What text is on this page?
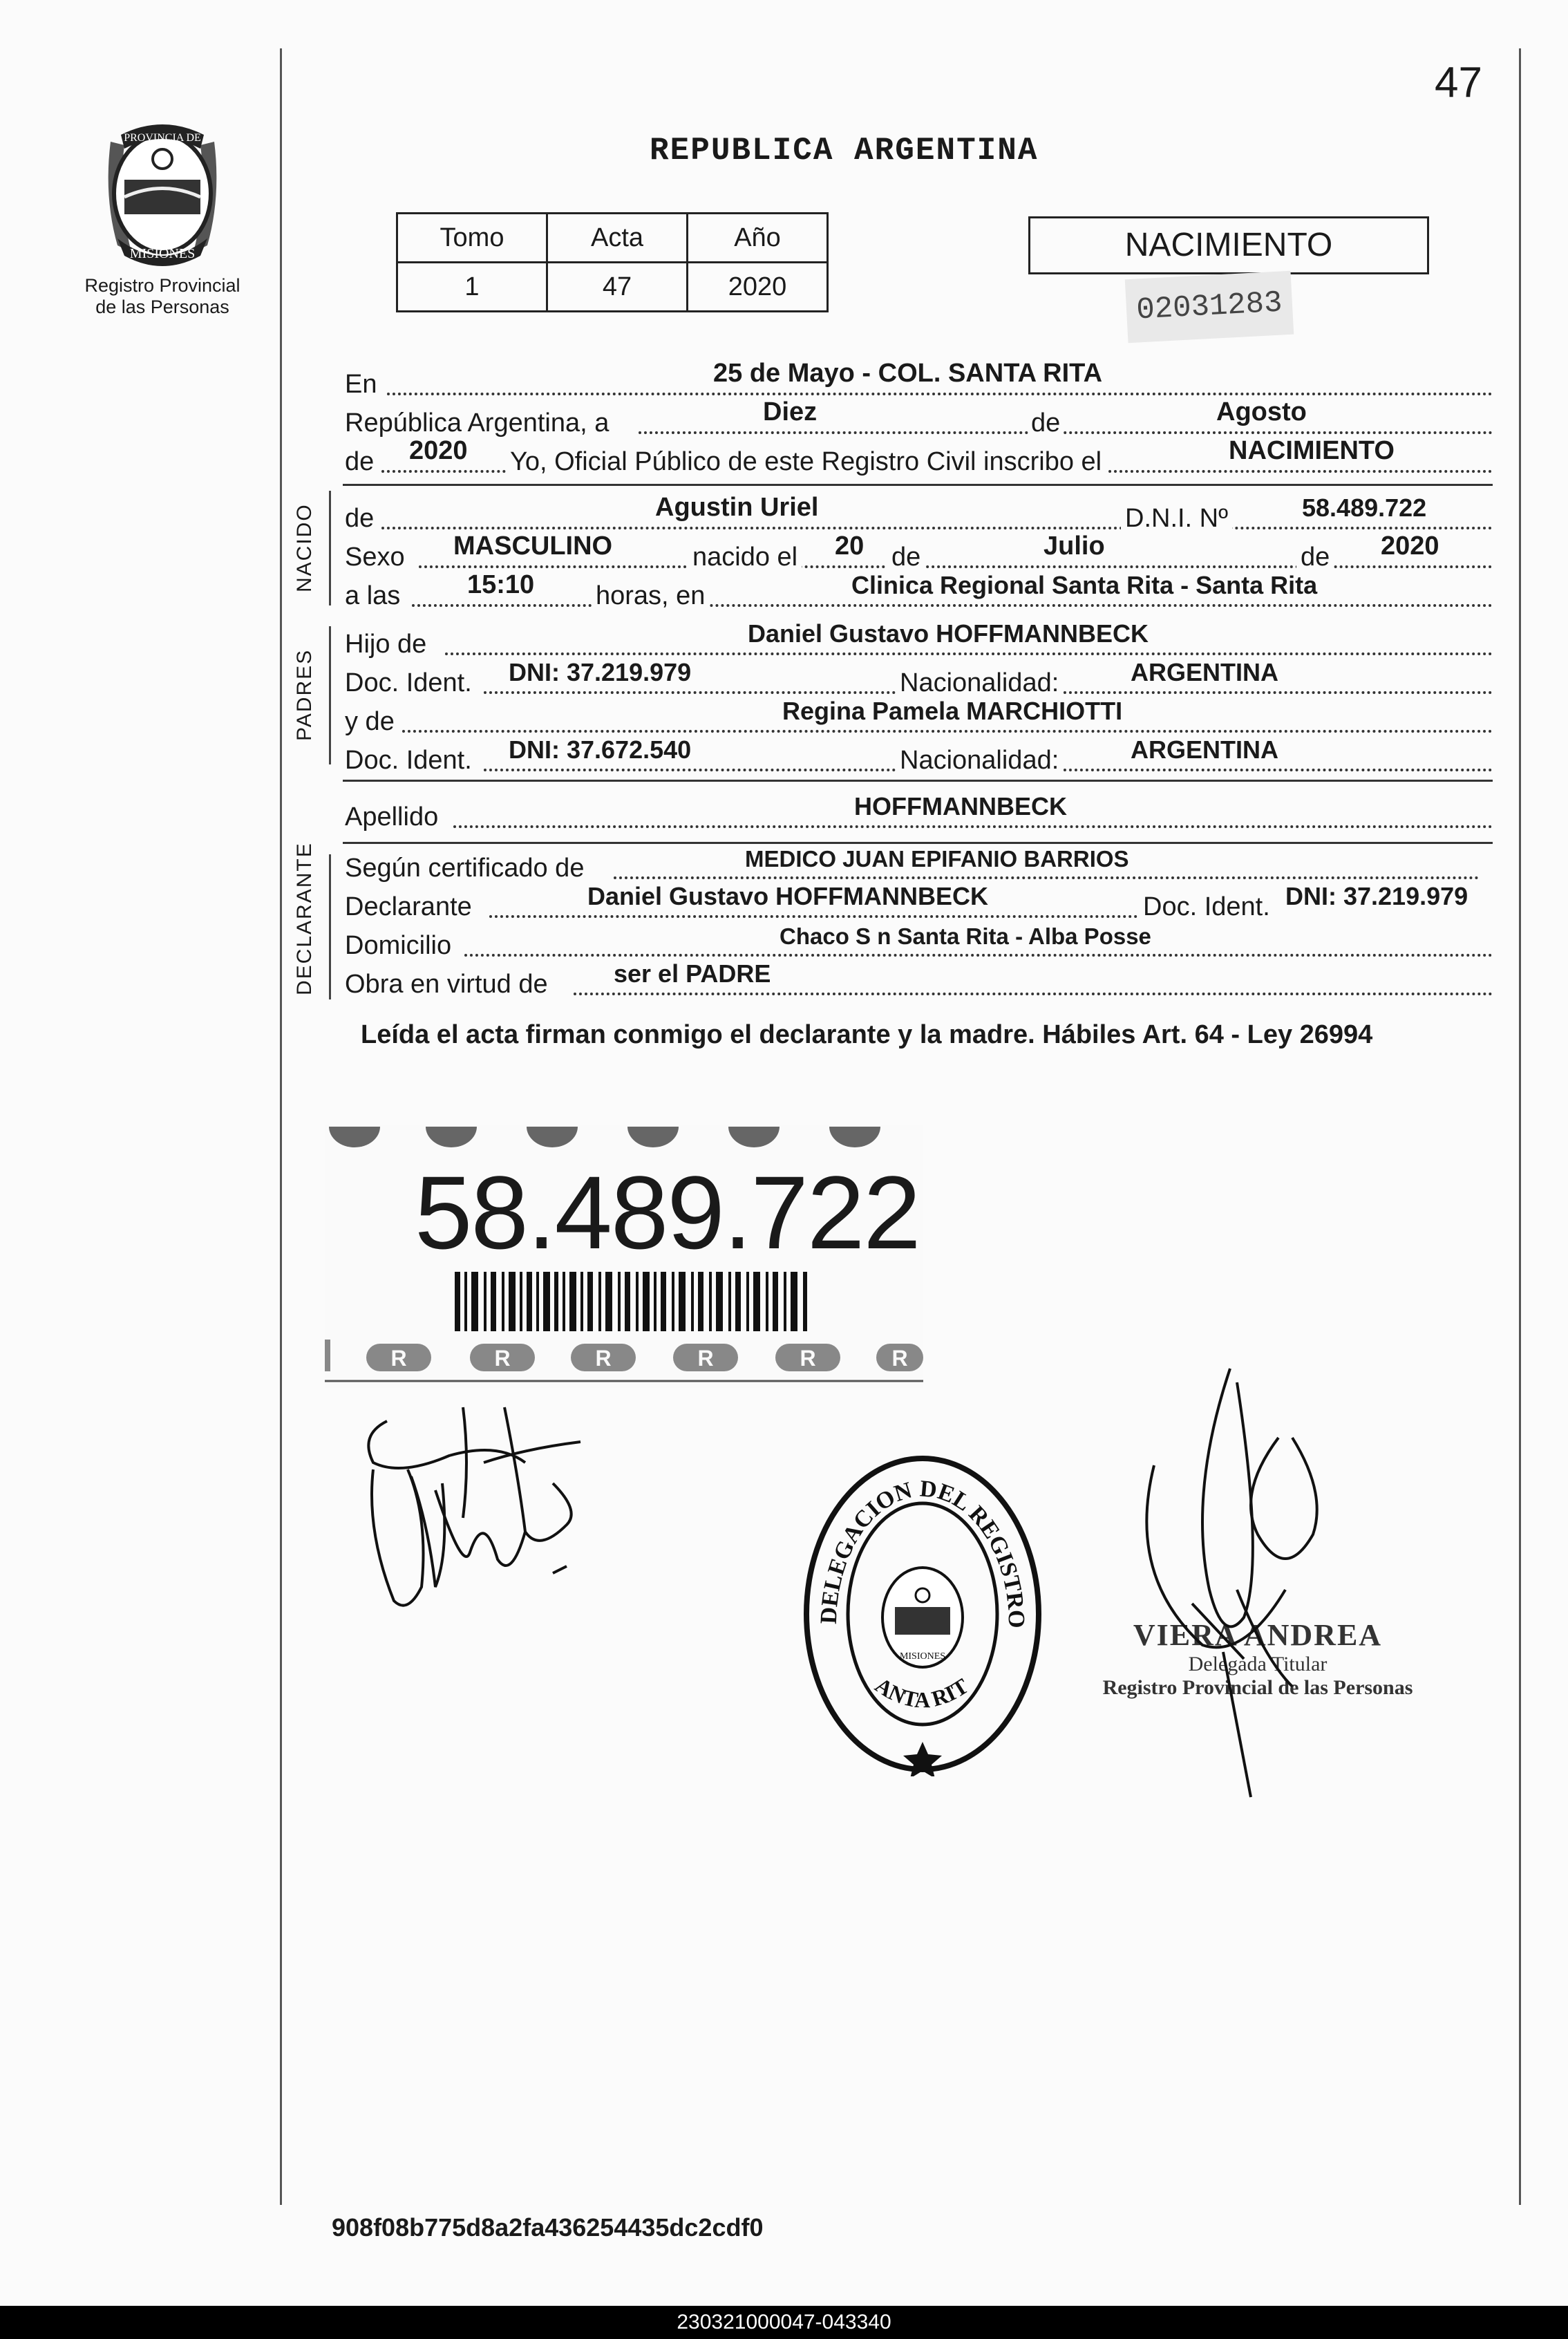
47
PROVINCIA DE
MISIONES
Registro Provincial
de las Personas
REPUBLICA ARGENTINA
Tomo	Acta	Año
1	47	2020
NACIMIENTO
02031283
En	25 de Mayo - COL. SANTA RITA
República Argentina, a	Diez	de	Agosto
de 2020 Yo, Oficial Público de este Registro Civil inscribo el	NACIMIENTO
NACIDO de	Agustin Uriel	D.N.I. Nº	58.489.722
Sexo MASCULINO	nacido el 20 de	Julio	de 2020
a las	15:10 horas, en	Clinica Regional Santa Rita - Santa Rita
PADRES
Hijo de	Daniel Gustavo HOFFMANNBECK
Doc. Ident. DNI: 37.219.979	Nacionalidad:	ARGENTINA
y de	Regina Pamela MARCHIOTTI
Doc. Ident. DNI: 37.672.540	Nacionalidad:	ARGENTINA
Apellido	HOFFMANNBECK
DECLARANTE Según certificado de	MEDICO JUAN EPIFANIO BARRIOS
Declarante	Daniel Gustavo HOFFMANNBECK	Doc. Ident. DNI: 37.219.979
Domicilio	Chaco S n Santa Rita - Alba Posse
Obra en virtud de	ser el PADRE
Leída el acta firman conmigo el declarante y la madre. Hábiles Art. 64 - Ley 26994
R	R	R	R	R	R
58.489.722
DELEGACION DEL REGISTRO
ANTA RIT
MISIONES
VIERA ANDREA
Delegada Titular
Registro Provincial de las Personas
908f08b775d8a2fa436254435dc2cdf0
230321000047-043340
